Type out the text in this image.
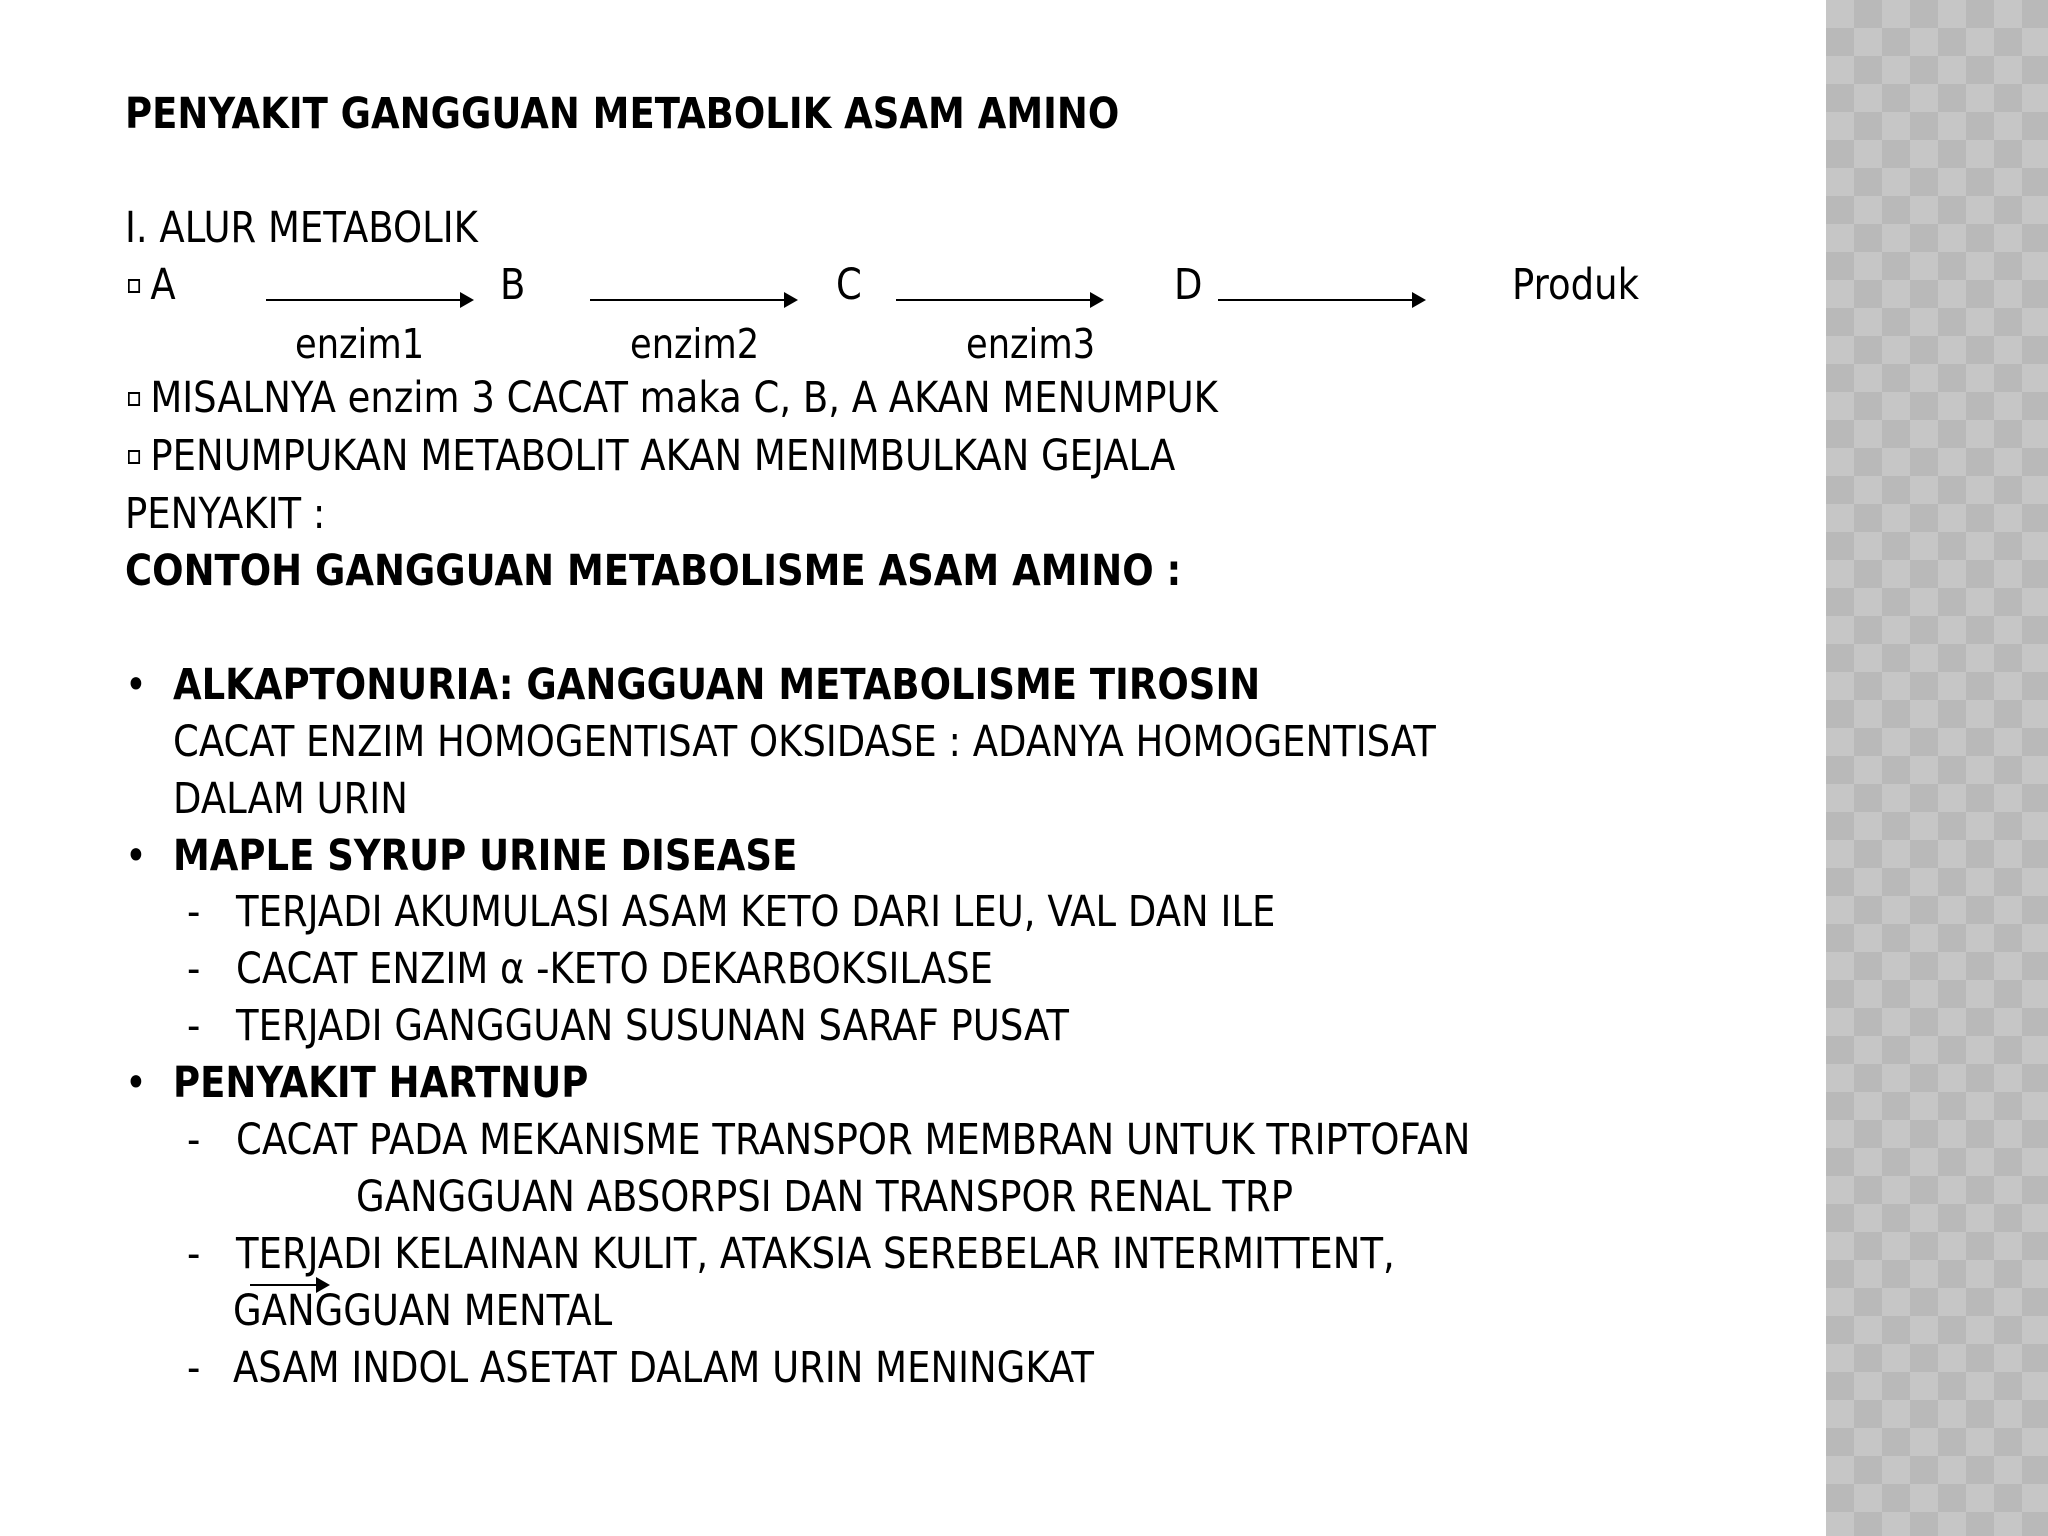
PENYAKIT GANGGUAN METABOLIK ASAM AMINO
I. ALUR METABOLIK
A	B	C	D	Produk
enzim1	enzim2	enzim3
MISALNYA enzim 3 CACAT maka C, B, A AKAN MENUMPUK
PENUMPUKAN METABOLIT AKAN MENIMBULKAN GEJALA
PENYAKIT :
CONTOH GANGGUAN METABOLISME ASAM AMINO :
• ALKAPTONURIA: GANGGUAN METABOLISME TIROSIN
CACAT ENZIM HOMOGENTISAT OKSIDASE : ADANYA HOMOGENTISAT
DALAM URIN
• MAPLE SYRUP URINE DISEASE
- TERJADI AKUMULASI ASAM KETO DARI LEU, VAL DAN ILE
- CACAT ENZIM α -KETO DEKARBOKSILASE
- TERJADI GANGGUAN SUSUNAN SARAF PUSAT
• PENYAKIT HARTNUP
- CACAT PADA MEKANISME TRANSPOR MEMBRAN UNTUK TRIPTOFAN
GANGGUAN ABSORPSI DAN TRANSPOR RENAL TRP
- TERJADI KELAINAN KULIT, ATAKSIA SEREBELAR INTERMITTENT,
GANGGUAN MENTAL
- ASAM INDOL ASETAT DALAM URIN MENINGKAT
